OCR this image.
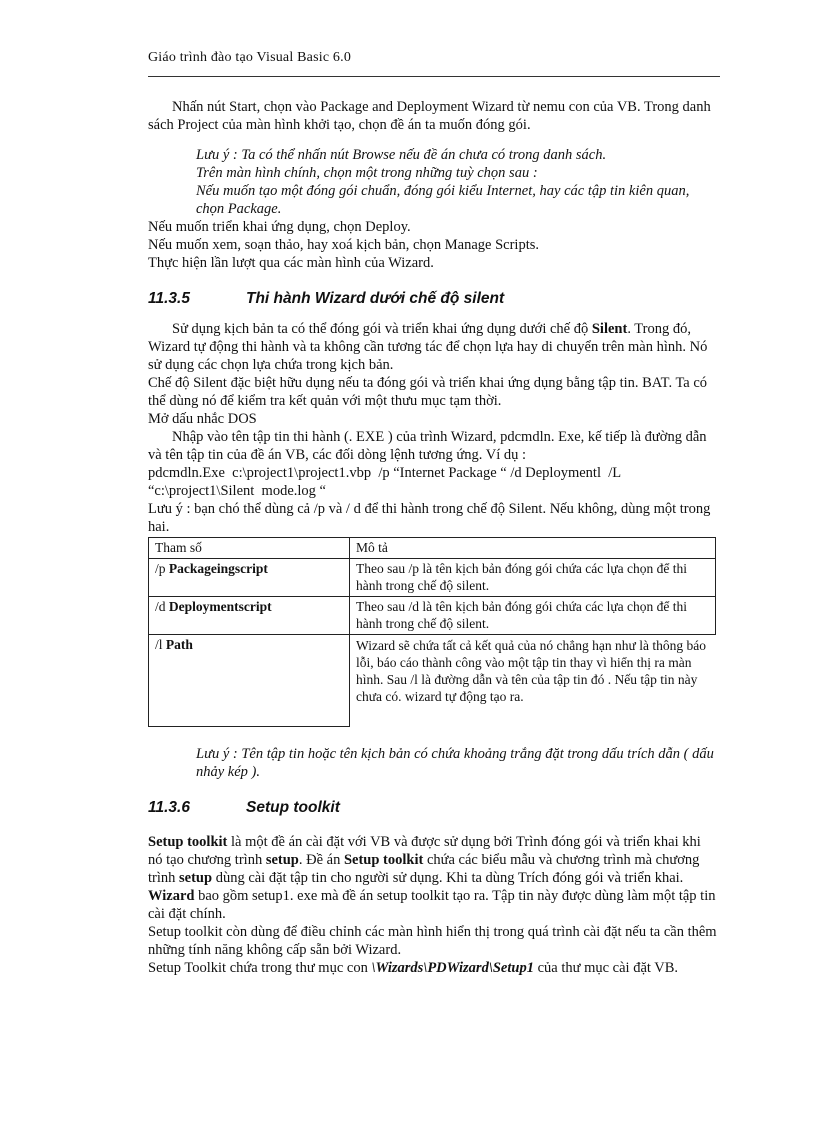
Giáo trình đào tạo Visual Basic 6.0

Nhấn nút Start, chọn vào Package and Deployment Wizard từ nemu con của VB. Trong danh sách Project của màn hình khởi tạo, chọn đề án ta muốn đóng gói.

Lưu ý : Ta có thể nhấn nút Browse nếu đề án chưa có trong danh sách.

Trên màn hình chính, chọn một trong những tuỳ chọn sau :

Nếu muốn tạo một đóng gói chuẩn, đóng gói kiểu Internet, hay các tập tin kiên quan, chọn Package.

Nếu muốn triển khai ứng dụng, chọn Deploy.

Nếu muốn xem, soạn thảo, hay xoá kịch bản, chọn Manage Scripts.

Thực hiện lần lượt qua các màn hình của Wizard.

11.3.5	Thi hành Wizard dưới chế độ silent

Sử dụng kịch bản ta có thể đóng gói và triển khai ứng dụng dưới chế độ Silent. Trong đó, Wizard tự động thi hành và ta không cần tương tác để chọn lựa hay di chuyển trên màn hình. Nó sử dụng các chọn lựa chứa trong kịch bản.

Chế độ Silent đặc biệt hữu dụng nếu ta đóng gói và triển khai ứng dụng bằng tập tin. BAT. Ta có thể dùng nó để kiểm tra kết quản với một thưu mục tạm thời.

Mở dấu nhắc DOS

Nhập vào tên tập tin thi hành (. EXE ) của trình Wizard, pdcmdln. Exe, kế tiếp là đường dẫn và tên tập tin của đề án VB, các đối dòng lệnh tương ứng. Ví dụ :

pdcmdln.Exe  c:\project1\project1.vbp  /p “Internet Package “ /d Deploymentl  /L

“c:\project1\Silent  mode.log “

Lưu ý : bạn chó thể dùng cả /p và / d để thi hành trong chế độ Silent. Nếu không, dùng một trong hai.

Tham số	Mô tả
/p Packageingscript	Theo sau /p là tên kịch bản đóng gói chứa các lựa chọn để thi hành trong chế độ silent.
/d Deploymentscript	Theo sau /d là tên kịch bản đóng gói chứa các lựa chọn để thi hành trong chế độ silent.
/l Path	Wizard sẽ chứa tất cả kết quả của nó chẳng hạn như là thông báo lỗi, báo cáo thành công vào một tập tin thay vì hiển thị ra màn hình. Sau /l là đường dẫn và tên của tập tin đó . Nếu tập tin này chưa có. wizard tự động tạo ra.

Lưu ý : Tên tập tin hoặc tên kịch bản có chứa khoảng trắng đặt trong dấu trích dẫn ( dấu nhảy kép ).

11.3.6	Setup toolkit

Setup toolkit là một đề án cài đặt với VB và được sử dụng bởi Trình đóng gói và triển khai khi nó tạo chương trình setup. Đề án Setup toolkit chứa các biểu mẫu và chương trình mà chương trình setup dùng cài đặt tập tin cho người sử dụng. Khi ta dùng Trích đóng gói và triển khai. Wizard bao gồm setup1. exe mà đề án setup toolkit tạo ra. Tập tin này được dùng làm một tập tin cài đặt chính.

Setup toolkit còn dùng để điều chỉnh các màn hình hiển thị trong quá trình cài đặt nếu ta cần thêm những tính năng không cấp sẵn bởi Wizard.

Setup Toolkit chứa trong thư mục con \Wizards\PDWizard\Setup1 của thư mục cài đặt VB.
